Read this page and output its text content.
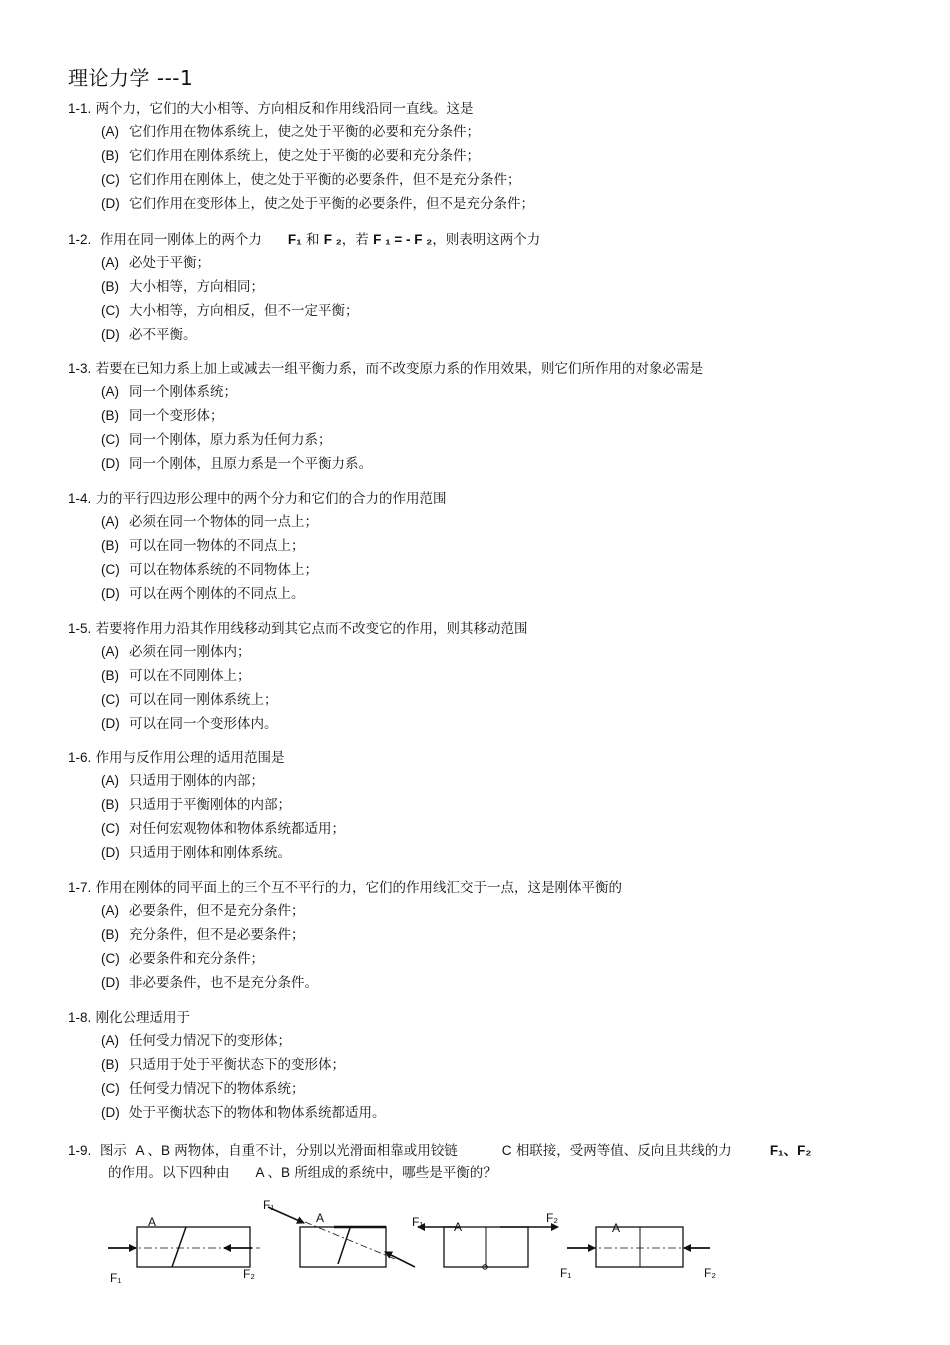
理论力学 ---1
1-1. 两个力，它们的大小相等、方向相反和作用线沿同一直线。这是
(A) 它们作用在物体系统上，使之处于平衡的必要和充分条件；
(B) 它们作用在刚体系统上，使之处于平衡的必要和充分条件；
(C) 它们作用在刚体上，使之处于平衡的必要条件，但不是充分条件；
(D) 它们作用在变形体上，使之处于平衡的必要条件，但不是充分条件；
1-2. 作用在同一刚体上的两个力 F₁ 和 F ₂，若 F ₁ = - F ₂，则表明这两个力
(A) 必处于平衡；
(B) 大小相等，方向相同；
(C) 大小相等，方向相反，但不一定平衡；
(D) 必不平衡。
1-3. 若要在已知力系上加上或减去一组平衡力系，而不改变原力系的作用效果，则它们所作用的对象必需是
(A) 同一个刚体系统；
(B) 同一个变形体；
(C) 同一个刚体，原力系为任何力系；
(D) 同一个刚体，且原力系是一个平衡力系。
1-4. 力的平行四边形公理中的两个分力和它们的合力的作用范围
(A) 必须在同一个物体的同一点上；
(B) 可以在同一物体的不同点上；
(C) 可以在物体系统的不同物体上；
(D) 可以在两个刚体的不同点上。
1-5. 若要将作用力沿其作用线移动到其它点而不改变它的作用，则其移动范围
(A) 必须在同一刚体内；
(B) 可以在不同刚体上；
(C) 可以在同一刚体系统上；
(D) 可以在同一个变形体内。
1-6. 作用与反作用公理的适用范围是
(A) 只适用于刚体的内部；
(B) 只适用于平衡刚体的内部；
(C) 对任何宏观物体和物体系统都适用；
(D) 只适用于刚体和刚体系统。
1-7. 作用在刚体的同平面上的三个互不平行的力，它们的作用线汇交于一点，这是刚体平衡的
(A) 必要条件，但不是充分条件；
(B) 充分条件，但不是必要条件；
(C) 必要条件和充分条件；
(D) 非必要条件，也不是充分条件。
1-8. 刚化公理适用于
(A) 任何受力情况下的变形体；
(B) 只适用于处于平衡状态下的变形体；
(C) 任何受力情况下的物体系统；
(D) 处于平衡状态下的物体和物体系统都适用。
1-9. 图示 A 、B 两物体，自重不计，分别以光滑面相靠或用铰链	C 相联接，受两等值、反向且共线的力	F₁、F₂
的作用。以下四种由 A 、B 所组成的系统中，哪些是平衡的？
A
F₁	F₂
F₁
A	F₁	A
F₂
A
F₁	F₂
